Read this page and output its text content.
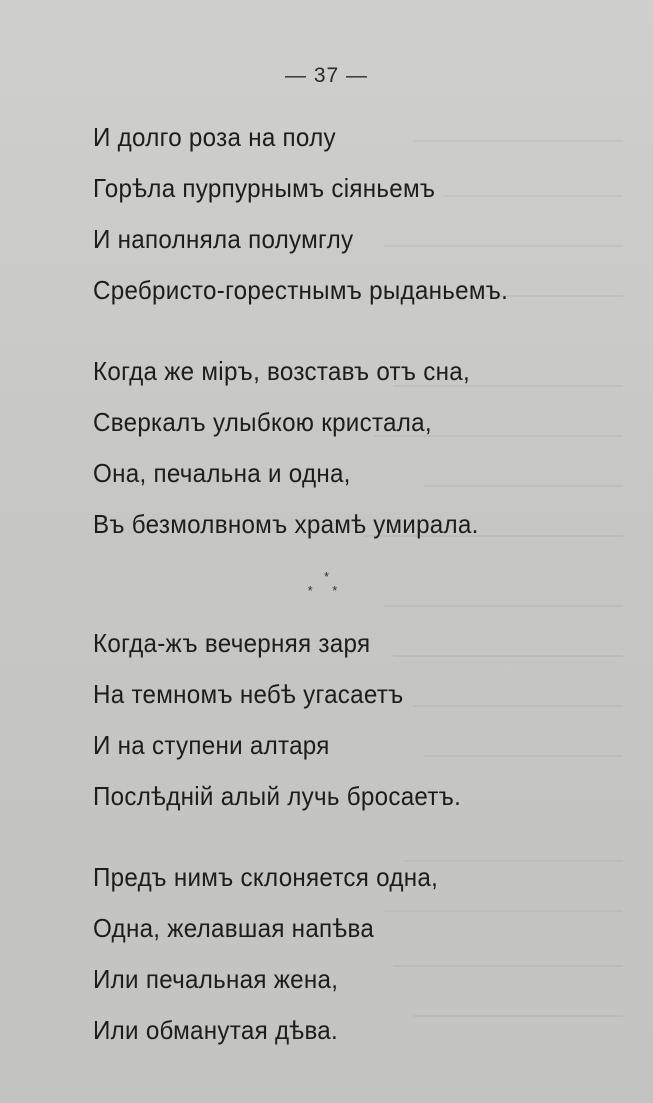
— 37 —
И долго роза на полу
Горѣла пурпурнымъ сіяньемъ
И наполняла полумглу
Сребристо-горестнымъ рыданьемъ.
Когда же міръ, возставъ отъ сна,
Сверкалъ улыбкою кристала,
Она, печальна и одна,
Въ безмолвномъ храмѣ умирала.
*
* *
Когда-жъ вечерняя заря
На темномъ небѣ угасаетъ
И на ступени алтаря
Послѣдній алый лучь бросаетъ.
Предъ нимъ склоняется одна,
Одна, желавшая напѣва
Или печальная жена,
Или обманутая дѣва.
